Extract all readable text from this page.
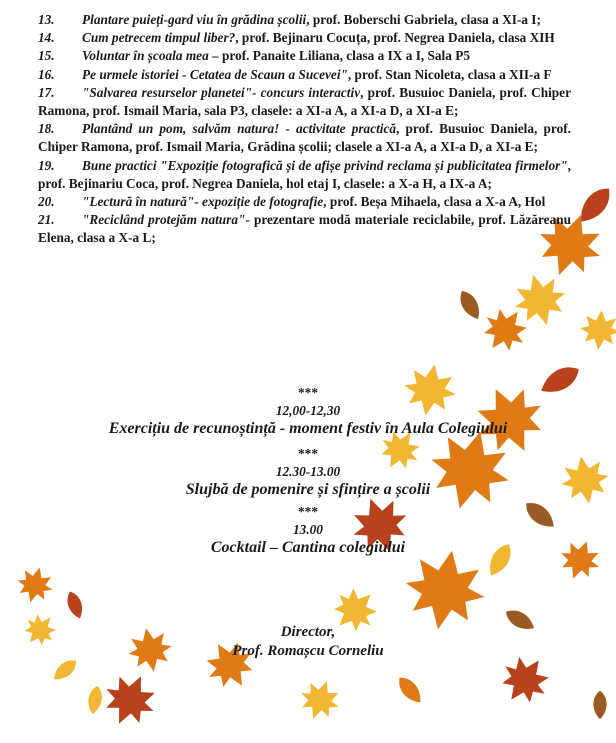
13. Plantare puieți-gard viu în grădina școlii, prof. Boberschi Gabriela, clasa a XI-a I;

14. Cum petrecem timpul liber?, prof. Bejinaru Cocuța, prof. Negrea Daniela, clasa XIH

15. Voluntar în școala mea – prof. Panaite Liliana, clasa a IX a I, Sala P5

16. Pe urmele istoriei - Cetatea de Scaun a Sucevei", prof. Stan Nicoleta, clasa a XII-a F

17. "Salvarea resurselor planetei"- concurs interactiv, prof. Busuioc Daniela, prof. Chiper Ramona, prof. Ismail Maria, sala P3, clasele: a XI-a A, a XI-a D, a XI-a E;

18. Plantând un pom, salvăm natura! - activitate practică, prof. Busuioc Daniela, prof. Chiper Ramona, prof. Ismail Maria, Grădina școlii; clasele a XI-a A, a XI-a D, a XI-a E;

19. Bune practici "Expoziție fotografică și de afișe privind reclama și publicitatea firmelor", prof. Bejinariu Coca, prof. Negrea Daniela, hol etaj I, clasele: a X-a H, a IX-a A;

20. "Lectură în natură"- expoziție de fotografie, prof. Beșa Mihaela, clasa a X-a A, Hol

21. "Reciclând protejăm natura"- prezentare modă materiale reciclabile, prof. Lăzăreanu Elena, clasa a X-a L;

***
12,00-12,30
Exercițiu de recunoștință - moment festiv în Aula Colegiului
***
12.30-13.00
Slujbă de pomenire și sfințire a școlii
***
13.00
Cocktail – Cantina colegiului
Director,
Prof. Romașcu Corneliu
